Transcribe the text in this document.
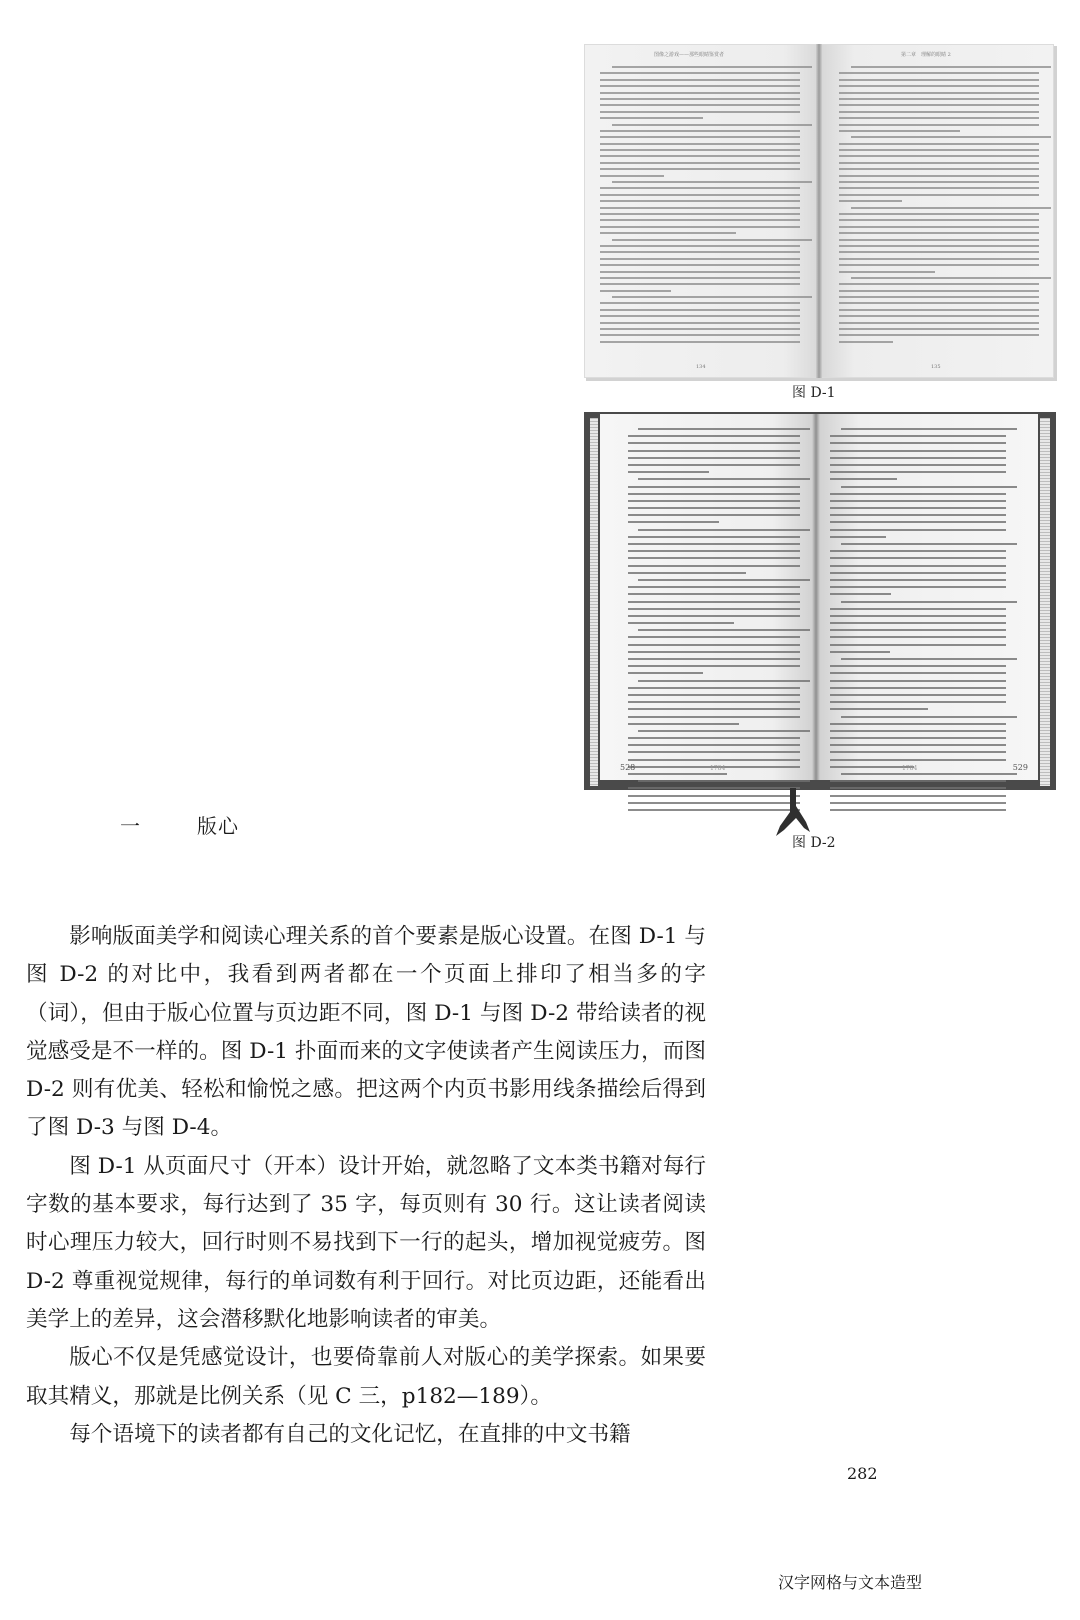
图像之游戏——那些眼睛鉴赏者
134
第二章　理解的眼睛 2
135
图 D-1
528	1784	1784	529
图 D-2
一	版心

影响版面美学和阅读心理关系的首个要素是版心设置。在图 D-1 与图 D-2 的对比中，我看到两者都在一个页面上排印了相当多的字（词），但由于版心位置与页边距不同，图 D-1 与图 D-2 带给读者的视觉感受是不一样的。图 D-1 扑面而来的文字使读者产生阅读压力，而图 D-2 则有优美、轻松和愉悦之感。把这两个内页书影用线条描绘后得到了图 D-3 与图 D-4。

图 D-1 从页面尺寸（开本）设计开始，就忽略了文本类书籍对每行字数的基本要求，每行达到了 35 字，每页则有 30 行。这让读者阅读时心理压力较大，回行时则不易找到下一行的起头，增加视觉疲劳。图 D-2 尊重视觉规律，每行的单词数有利于回行。对比页边距，还能看出美学上的差异，这会潜移默化地影响读者的审美。

版心不仅是凭感觉设计，也要倚靠前人对版心的美学探索。如果要取其精义，那就是比例关系（见 C 三，p182—189）。

每个语境下的读者都有自己的文化记忆，在直排的中文书籍

282
汉字网格与文本造型
